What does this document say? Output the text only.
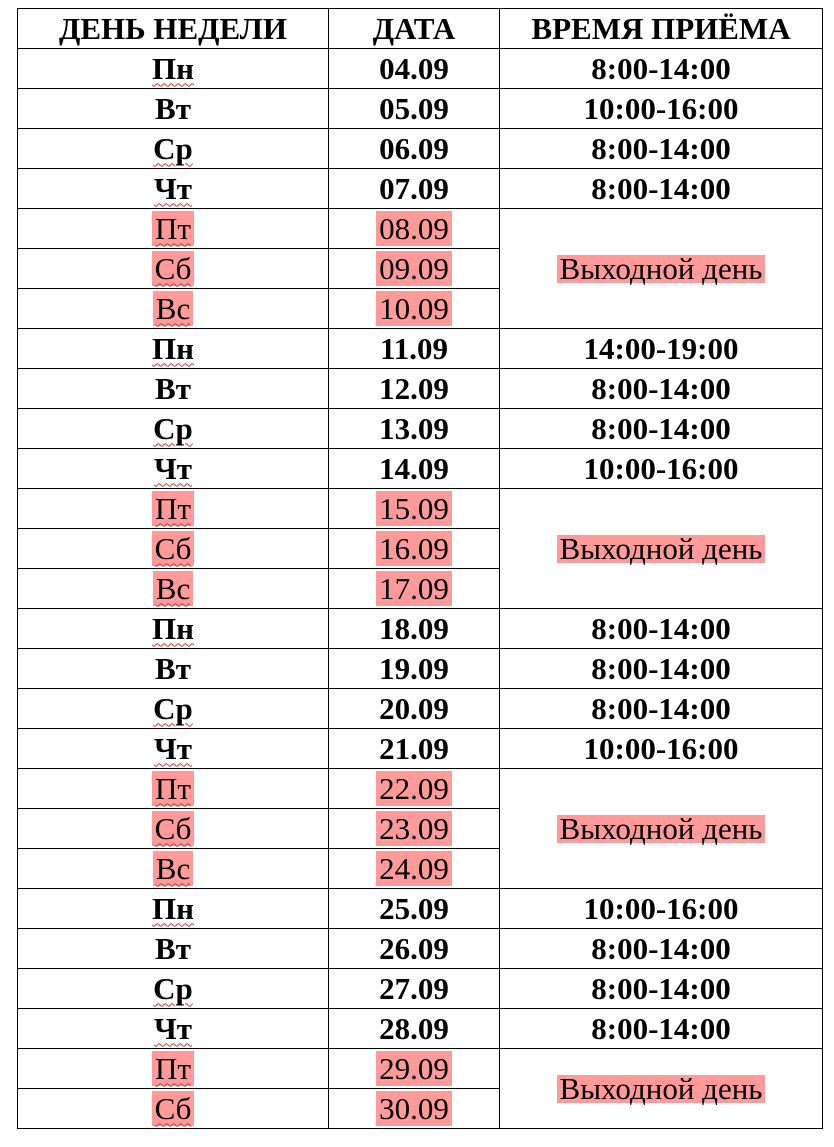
ДЕНЬ НЕДЕЛИ	ДАТА	ВРЕМЯ ПРИЁМА
Пн	04.09	8:00-14:00
Вт	05.09	10:00-16:00
Ср	06.09	8:00-14:00
Чт	07.09	8:00-14:00
Пт	08.09	Выходной день
Сб	09.09	
Вс	10.09	
Пн	11.09	14:00-19:00
Вт	12.09	8:00-14:00
Ср	13.09	8:00-14:00
Чт	14.09	10:00-16:00
Пт	15.09	Выходной день
Сб	16.09	
Вс	17.09	
Пн	18.09	8:00-14:00
Вт	19.09	8:00-14:00
Ср	20.09	8:00-14:00
Чт	21.09	10:00-16:00
Пт	22.09	Выходной день
Сб	23.09	
Вс	24.09	
Пн	25.09	10:00-16:00
Вт	26.09	8:00-14:00
Ср	27.09	8:00-14:00
Чт	28.09	8:00-14:00
Пт	29.09	Выходной день
Сб	30.09	
